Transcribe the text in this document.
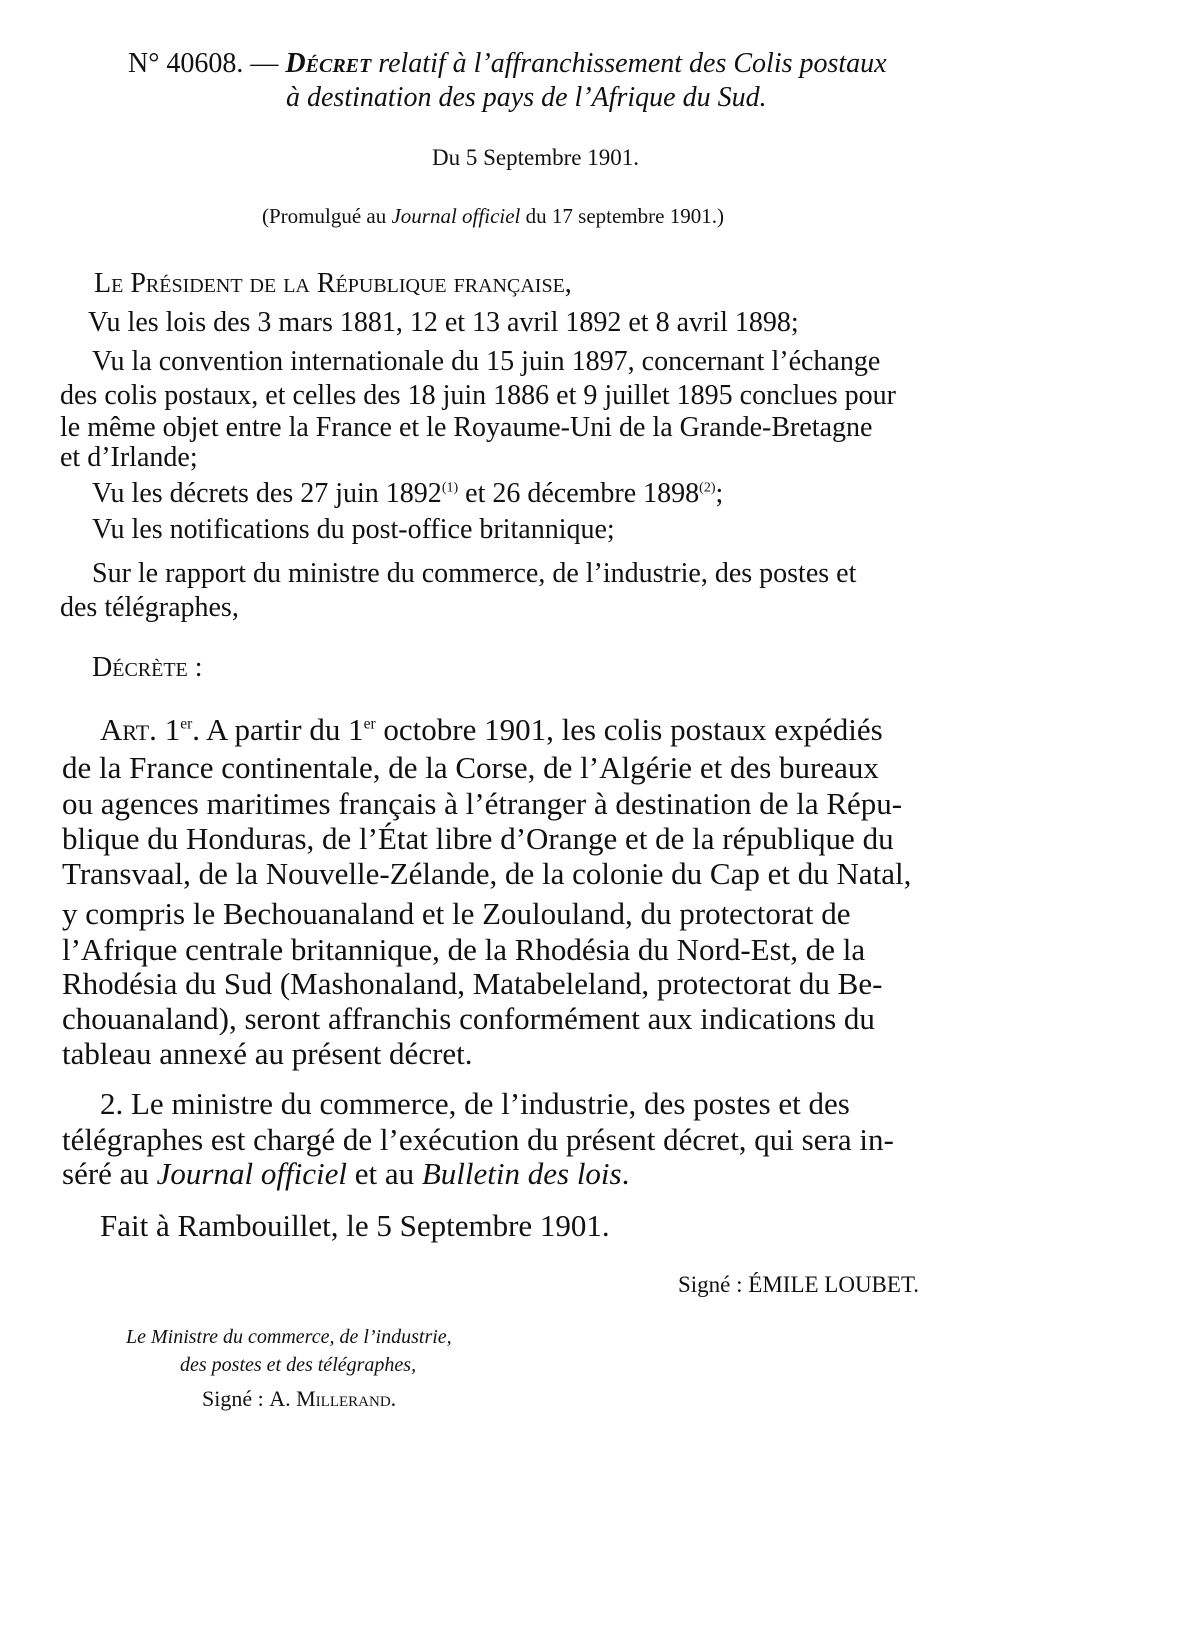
N° 40608. — Décret relatif à l’affranchissement des Colis postaux
à destination des pays de l’Afrique du Sud.
Du 5 Septembre 1901.
(Promulgué au Journal officiel du 17 septembre 1901.)
Le Président de la République française,
Vu les lois des 3 mars 1881, 12 et 13 avril 1892 et 8 avril 1898;
Vu la convention internationale du 15 juin 1897, concernant l’échange
des colis postaux, et celles des 18 juin 1886 et 9 juillet 1895 conclues pour
le même objet entre la France et le Royaume-Uni de la Grande-Bretagne
et d’Irlande;
Vu les décrets des 27 juin 1892$^{(1)}$ et 26 décembre 1898$^{(2)}$;
Vu les notifications du post-office britannique;
Sur le rapport du ministre du commerce, de l’industrie, des postes et
des télégraphes,
Décrète :
Art. 1er. A partir du 1er octobre 1901, les colis postaux expédiés
de la France continentale, de la Corse, de l’Algérie et des bureaux
ou agences maritimes français à l’étranger à destination de la Répu-
blique du Honduras, de l’État libre d’Orange et de la république du
Transvaal, de la Nouvelle-Zélande, de la colonie du Cap et du Natal,
y compris le Bechouanaland et le Zoulouland, du protectorat de
l’Afrique centrale britannique, de la Rhodésia du Nord-Est, de la
Rhodésia du Sud (Mashonaland, Matabeleland, protectorat du Be-
chouanaland), seront affranchis conformément aux indications du
tableau annexé au présent décret.
2. Le ministre du commerce, de l’industrie, des postes et des
télégraphes est chargé de l’exécution du présent décret, qui sera in-
séré au Journal officiel et au Bulletin des lois.
Fait à Rambouillet, le 5 Septembre 1901.
Signé : ÉMILE LOUBET.
Le Ministre du commerce, de l’industrie,
des postes et des télégraphes,
Signé : A. Millerand.
